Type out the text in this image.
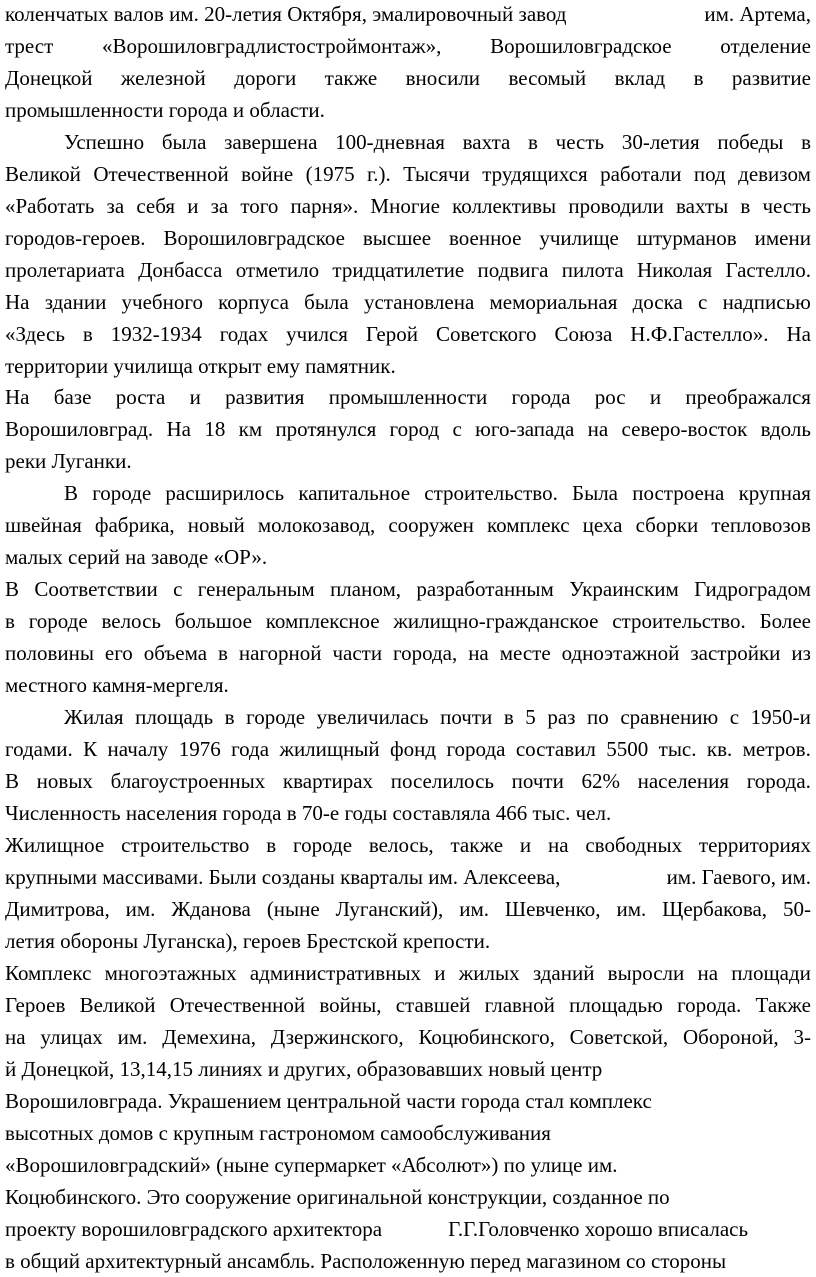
коленчатых валов им. 20-летия Октября, эмалировочный завод	им. Артема,
трест «Ворошиловградлистостроймонтаж», Ворошиловградское отделение
Донецкой железной дороги также вносили весомый вклад в развитие
промышленности города и области.
Успешно была завершена 100-дневная вахта в честь 30-летия победы в
Великой Отечественной войне (1975 г.). Тысячи трудящихся работали под девизом
«Работать за себя и за того парня». Многие коллективы проводили вахты в честь
городов-героев. Ворошиловградское высшее военное училище штурманов имени
пролетариата Донбасса отметило тридцатилетие подвига пилота Николая Гастелло.
На здании учебного корпуса была установлена мемориальная доска с надписью
«Здесь в 1932-1934 годах учился Герой Советского Союза Н.Ф.Гастелло». На
территории училища открыт ему памятник.
На базе роста и развития промышленности города рос и преображался
Ворошиловград. На 18 км протянулся город с юго-запада на северо-восток вдоль
реки Луганки.
В городе расширилось капитальное строительство. Была построена крупная
швейная фабрика, новый молокозавод, сооружен комплекс цеха сборки тепловозов
малых серий на заводе «ОР».
В Соответствии с генеральным планом, разработанным Украинским Гидроградом
в городе велось большое комплексное жилищно-гражданское строительство. Более
половины его объема в нагорной части города, на месте одноэтажной застройки из
местного камня-мергеля.
Жилая площадь в городе увеличилась почти в 5 раз по сравнению с 1950-и
годами. К началу 1976 года жилищный фонд города составил 5500 тыс. кв. метров.
В новых благоустроенных квартирах поселилось почти 62% населения города.
Численность населения города в 70-е годы составляла 466 тыс. чел.
Жилищное строительство в городе велось, также и на свободных территориях
крупными массивами. Были созданы кварталы им. Алексеева,	им. Гаевого, им.
Димитрова, им. Жданова (ныне Луганский), им. Шевченко, им. Щербакова, 50-
летия обороны Луганска), героев Брестской крепости.
Комплекс многоэтажных административных и жилых зданий выросли на площади
Героев Великой Отечественной войны, ставшей главной площадью города. Также
на улицах им. Демехина, Дзержинского, Коцюбинского, Советской, Обороной, 3-
й Донецкой, 13,14,15 линиях и других, образовавших новый центр
Ворошиловграда. Украшением центральной части города стал комплекс
высотных домов с крупным гастрономом самообслуживания
«Ворошиловградский» (ныне супермаркет «Абсолют») по улице им.
Коцюбинского. Это сооружение оригинальной конструкции, созданное по
проекту ворошиловградского архитектора	Г.Г.Головченко хорошо вписалась
в общий архитектурный ансамбль. Расположенную перед магазином со стороны
